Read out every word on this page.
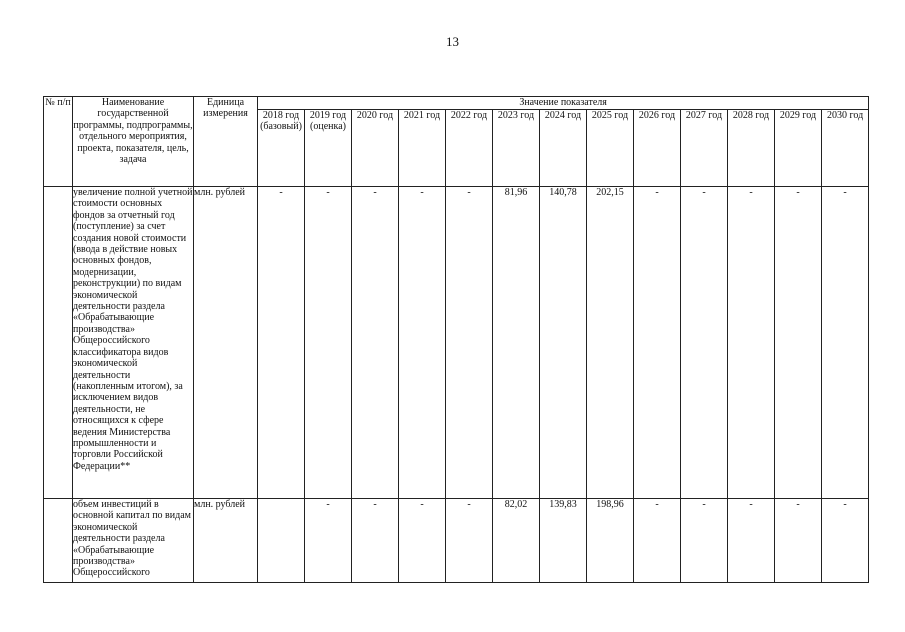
13
№ п/п	Наименование государственной программы, подпрограммы, отдельного мероприятия, проекта, показателя, цель, задача	Единица измерения	Значение показателя												
			2018 год (базовый)	2019 год (оценка)	2020 год	2021 год	2022 год	2023 год	2024 год	2025 год	2026 год	2027 год	2028 год	2029 год	2030 год
	увеличение полной учетной стоимости основных фондов за отчетный год (поступление) за счет создания новой стоимости (ввода в действие новых основных фондов, модернизации, реконструкции) по видам экономической деятельности раздела «Обрабатывающие производства» Общероссийского классификатора видов экономической деятельности (накопленным итогом), за исключением видов деятельности, не относящихся к сфере ведения Министерства промышленности и торговли Российской Федерации**	млн. рублей	-	-	-	-	-	81,96	140,78	202,15	-	-	-	-	-
	объем инвестиций в основной капитал по видам экономической деятельности раздела «Обрабатывающие производства» Общероссийского	млн. рублей		-	-	-	-	82,02	139,83	198,96	-	-	-	-	-
